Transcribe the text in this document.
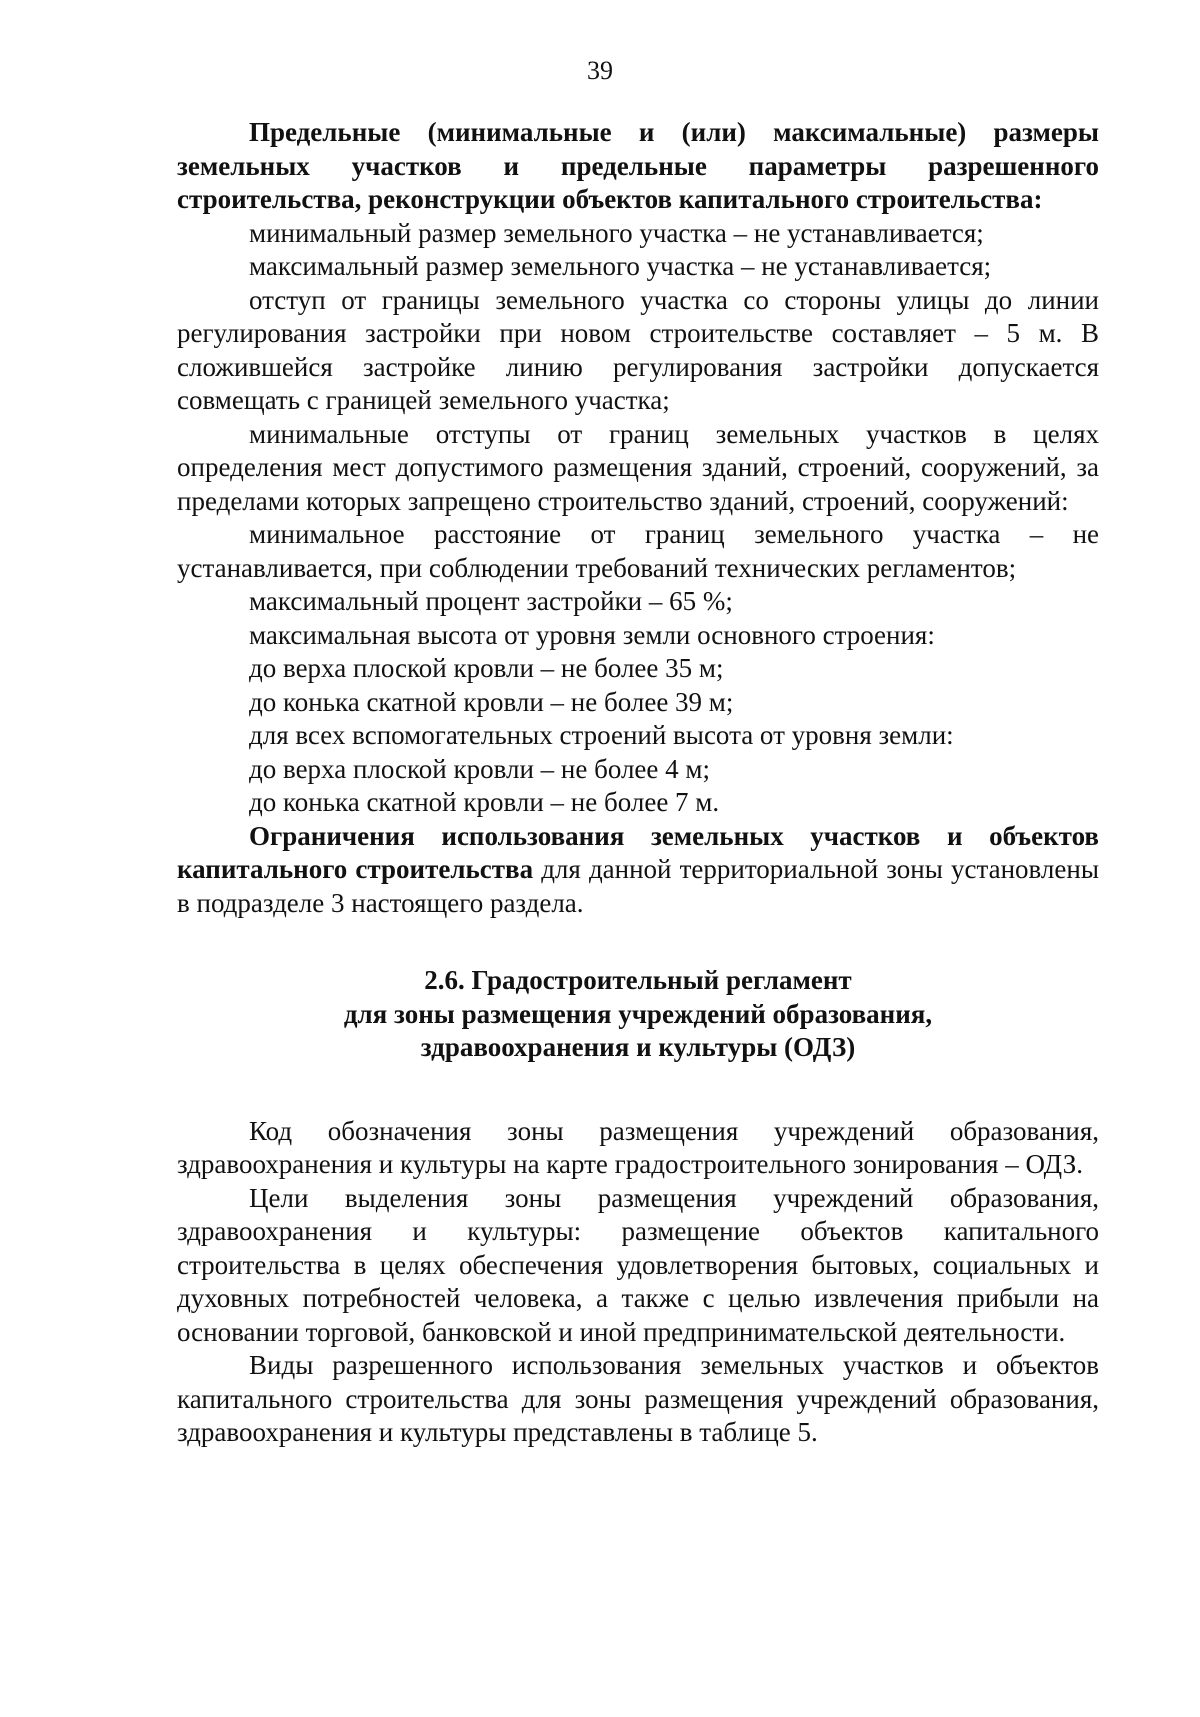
39

Предельные (минимальные и (или) максимальные) размеры земельных участков и предельные параметры разрешенного строительства, реконструкции объектов капитального строительства:

минимальный размер земельного участка – не устанавливается;

максимальный размер земельного участка – не устанавливается;

отступ от границы земельного участка со стороны улицы до линии регулирования застройки при новом строительстве составляет – 5 м. В сложившейся застройке линию регулирования застройки допускается совмещать с границей земельного участка;

минимальные отступы от границ земельных участков в целях определения мест допустимого размещения зданий, строений, сооружений, за пределами которых запрещено строительство зданий, строений, сооружений:

минимальное расстояние от границ земельного участка – не устанавливается, при соблюдении требований технических регламентов;

максимальный процент застройки – 65 %;

максимальная высота от уровня земли основного строения:

до верха плоской кровли – не более 35 м;

до конька скатной кровли – не более 39 м;

для всех вспомогательных строений высота от уровня земли:

до верха плоской кровли – не более 4 м;

до конька скатной кровли – не более 7 м.

Ограничения использования земельных участков и объектов капитального строительства для данной территориальной зоны установлены в подразделе 3 настоящего раздела.

2.6. Градостроительный регламент

для зоны размещения учреждений образования,

здравоохранения и культуры (ОДЗ)

Код обозначения зоны размещения учреждений образования, здравоохранения и культуры на карте градостроительного зонирования – ОДЗ.

Цели выделения зоны размещения учреждений образования, здравоохранения и культуры: размещение объектов капитального строительства в целях обеспечения удовлетворения бытовых, социальных и духовных потребностей человека, а также с целью извлечения прибыли на основании торговой, банковской и иной предпринимательской деятельности.

Виды разрешенного использования земельных участков и объектов капитального строительства для зоны размещения учреждений образования, здравоохранения и культуры представлены в таблице 5.
